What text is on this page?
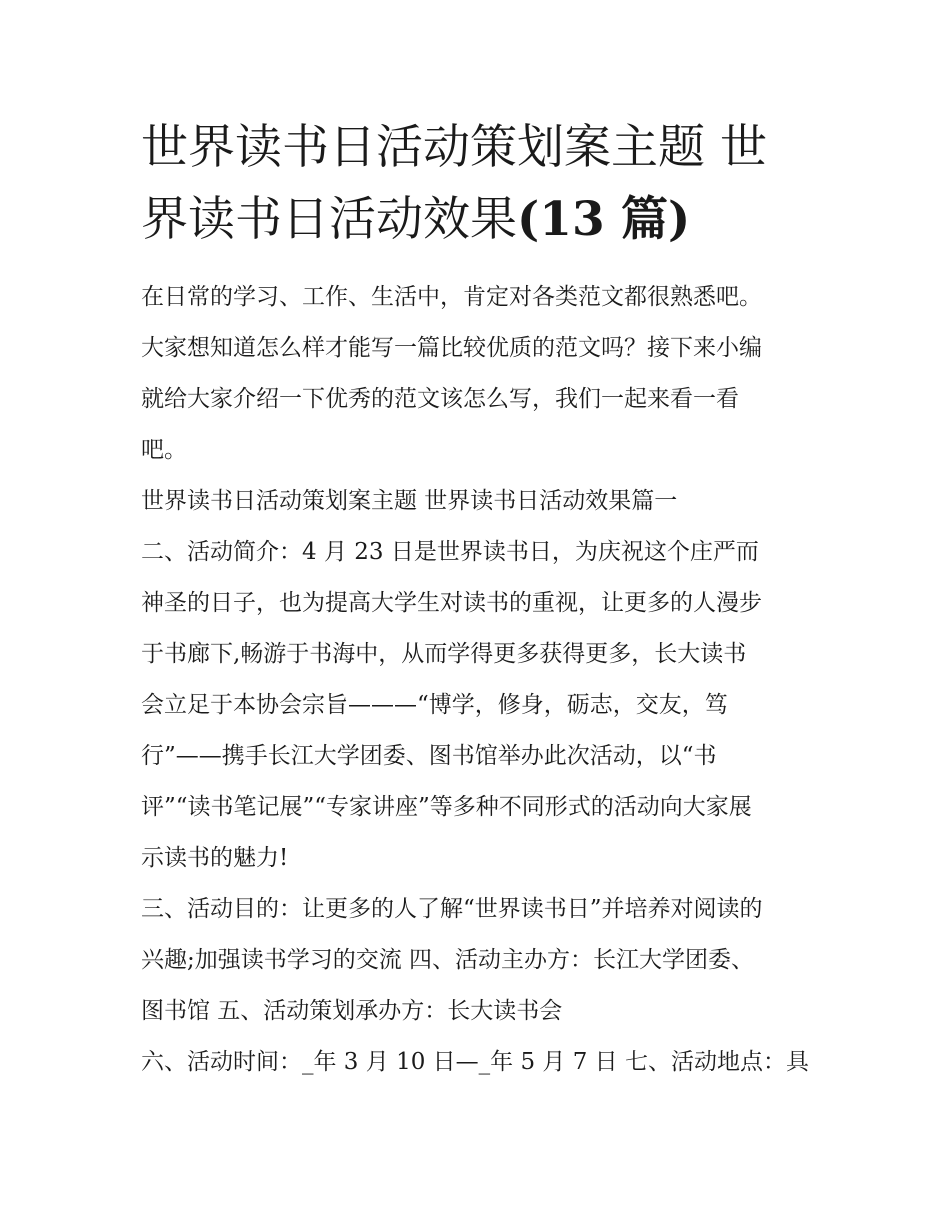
世界读书日活动策划案主题 世
界读书日活动效果(13 篇)

在日常的学习、工作、生活中，肯定对各类范文都很熟悉吧。
大家想知道怎么样才能写一篇比较优质的范文吗？接下来小编
就给大家介绍一下优秀的范文该怎么写，我们一起来看一看
吧。

世界读书日活动策划案主题 世界读书日活动效果篇一

二、活动简介：4 月 23 日是世界读书日，为庆祝这个庄严而
神圣的日子，也为提高大学生对读书的重视，让更多的人漫步
于书廊下,畅游于书海中，从而学得更多获得更多，长大读书
会立足于本协会宗旨———“博学，修身，砺志，交友，笃
行”——携手长江大学团委、图书馆举办此次活动，以“书
评”“读书笔记展”“专家讲座”等多种不同形式的活动向大家展
示读书的魅力!

三、活动目的：让更多的人了解“世界读书日”并培养对阅读的
兴趣;加强读书学习的交流 四、活动主办方：长江大学团委、
图书馆 五、活动策划承办方：长大读书会

六、活动时间：_年 3 月 10 日—_年 5 月 7 日 七、活动地点：具
